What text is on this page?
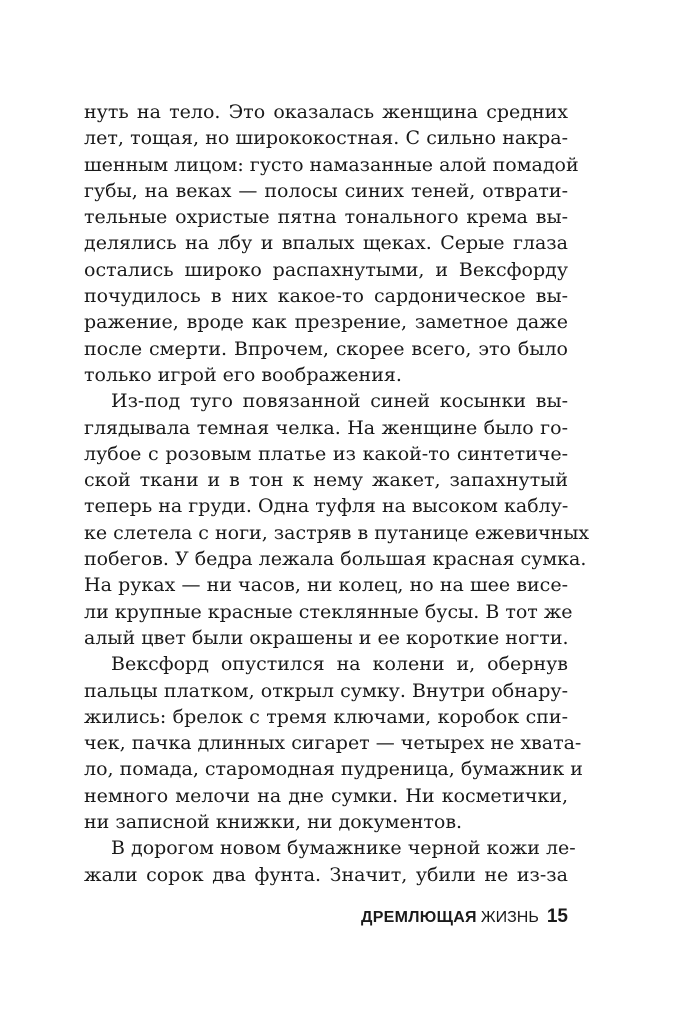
нуть на тело. Это оказалась женщина средних
лет, тощая, но ширококостная. С сильно накра-
шенным лицом: густо намазанные алой помадой
губы, на веках — полосы синих теней, отврати-
тельные охристые пятна тонального крема вы-
делялись на лбу и впалых щеках. Серые глаза
остались широко распахнутыми, и Вексфорду
почудилось в них какое-то сардоническое вы-
ражение, вроде как презрение, заметное даже
после смерти. Впрочем, скорее всего, это было
только игрой его воображения.
Из-под туго повязанной синей косынки вы-
глядывала темная челка. На женщине было го-
лубое с розовым платье из какой-то синтетиче-
ской ткани и в тон к нему жакет, запахнутый
теперь на груди. Одна туфля на высоком каблу-
ке слетела с ноги, застряв в путанице ежевичных
побегов. У бедра лежала большая красная сумка.
На руках — ни часов, ни колец, но на шее висе-
ли крупные красные стеклянные бусы. В тот же
алый цвет были окрашены и ее короткие ногти.
Вексфорд опустился на колени и, обернув
пальцы платком, открыл сумку. Внутри обнару-
жились: брелок с тремя ключами, коробок спи-
чек, пачка длинных сигарет — четырех не хвата-
ло, помада, старомодная пудреница, бумажник и
немного мелочи на дне сумки. Ни косметички,
ни записной книжки, ни документов.
В дорогом новом бумажнике черной кожи ле-
жали сорок два фунта. Значит, убили не из-за
ДРЕМЛЮЩАЯ ЖИЗНЬ 15
